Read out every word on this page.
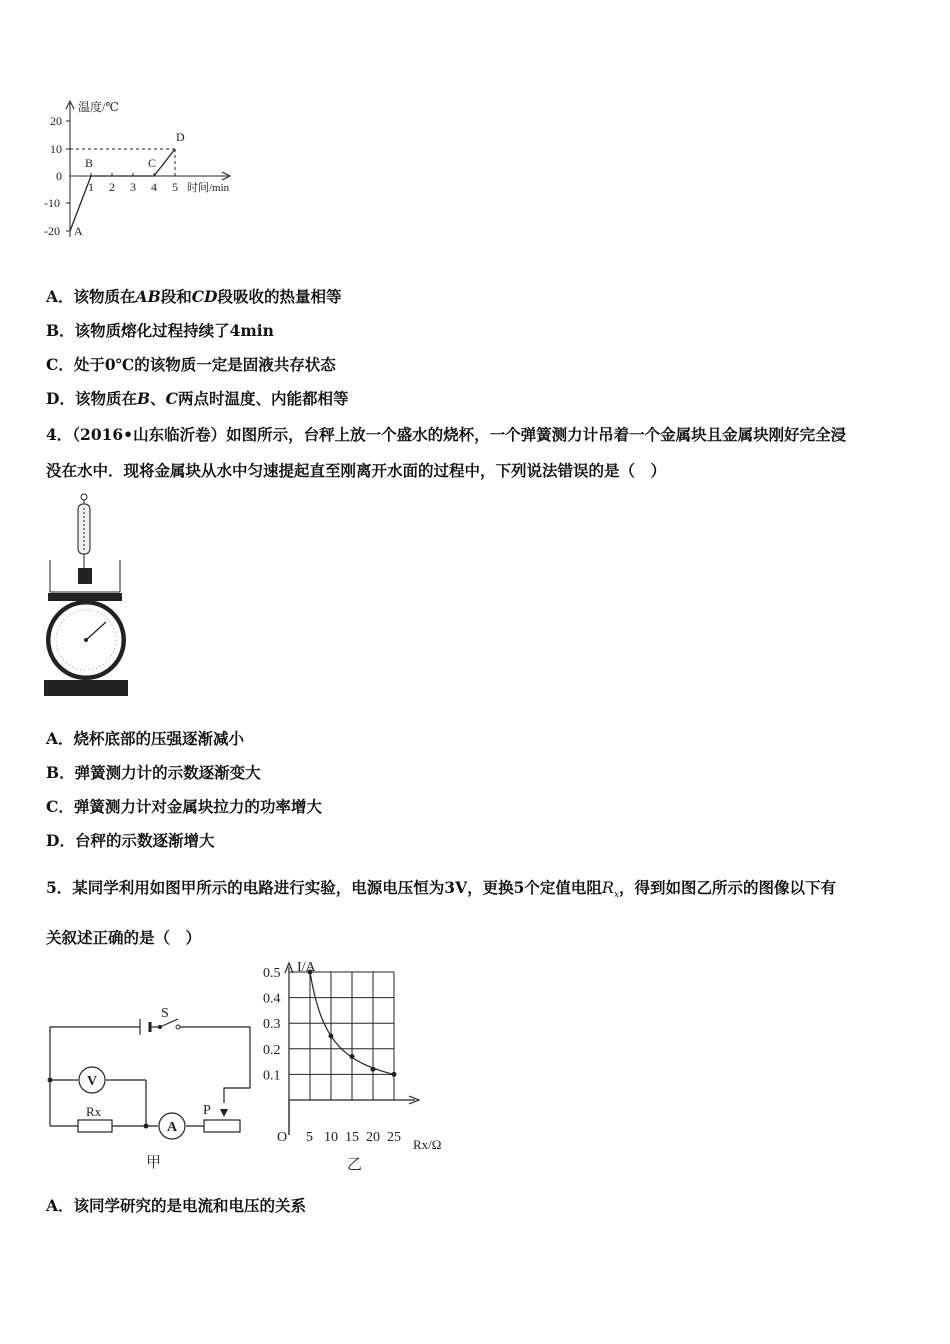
温度/℃
时间/min
20
10
0
-10
-20
1 2 3 4 5
A
B	C
D
A．该物质在AB段和CD段吸收的热量相等
B．该物质熔化过程持续了4min
C．处于0℃的该物质一定是固液共存状态
D．该物质在B、C两点时温度、内能都相等
4．（2016•山东临沂卷）如图所示，台秤上放一个盛水的烧杯，一个弹簧测力计吊着一个金属块且金属块刚好完全浸
没在水中．现将金属块从水中匀速提起直至刚离开水面的过程中，下列说法错误的是（　）
A．烧杯底部的压强逐渐减小
B．弹簧测力计的示数逐渐变大
C．弹簧测力计对金属块拉力的功率增大
D．台秤的示数逐渐增大
5．某同学利用如图甲所示的电路进行实验，电源电压恒为3V，更换5个定值电阻$R_x$，得到如图乙所示的图像以下有
关叙述正确的是（　）
S
V
A
Rx	P
甲
I/A
Rx/Ω
O
乙
0.5
0.4
0.3
0.2
0.1
5 10 15 20 25
A．该同学研究的是电流和电压的关系
